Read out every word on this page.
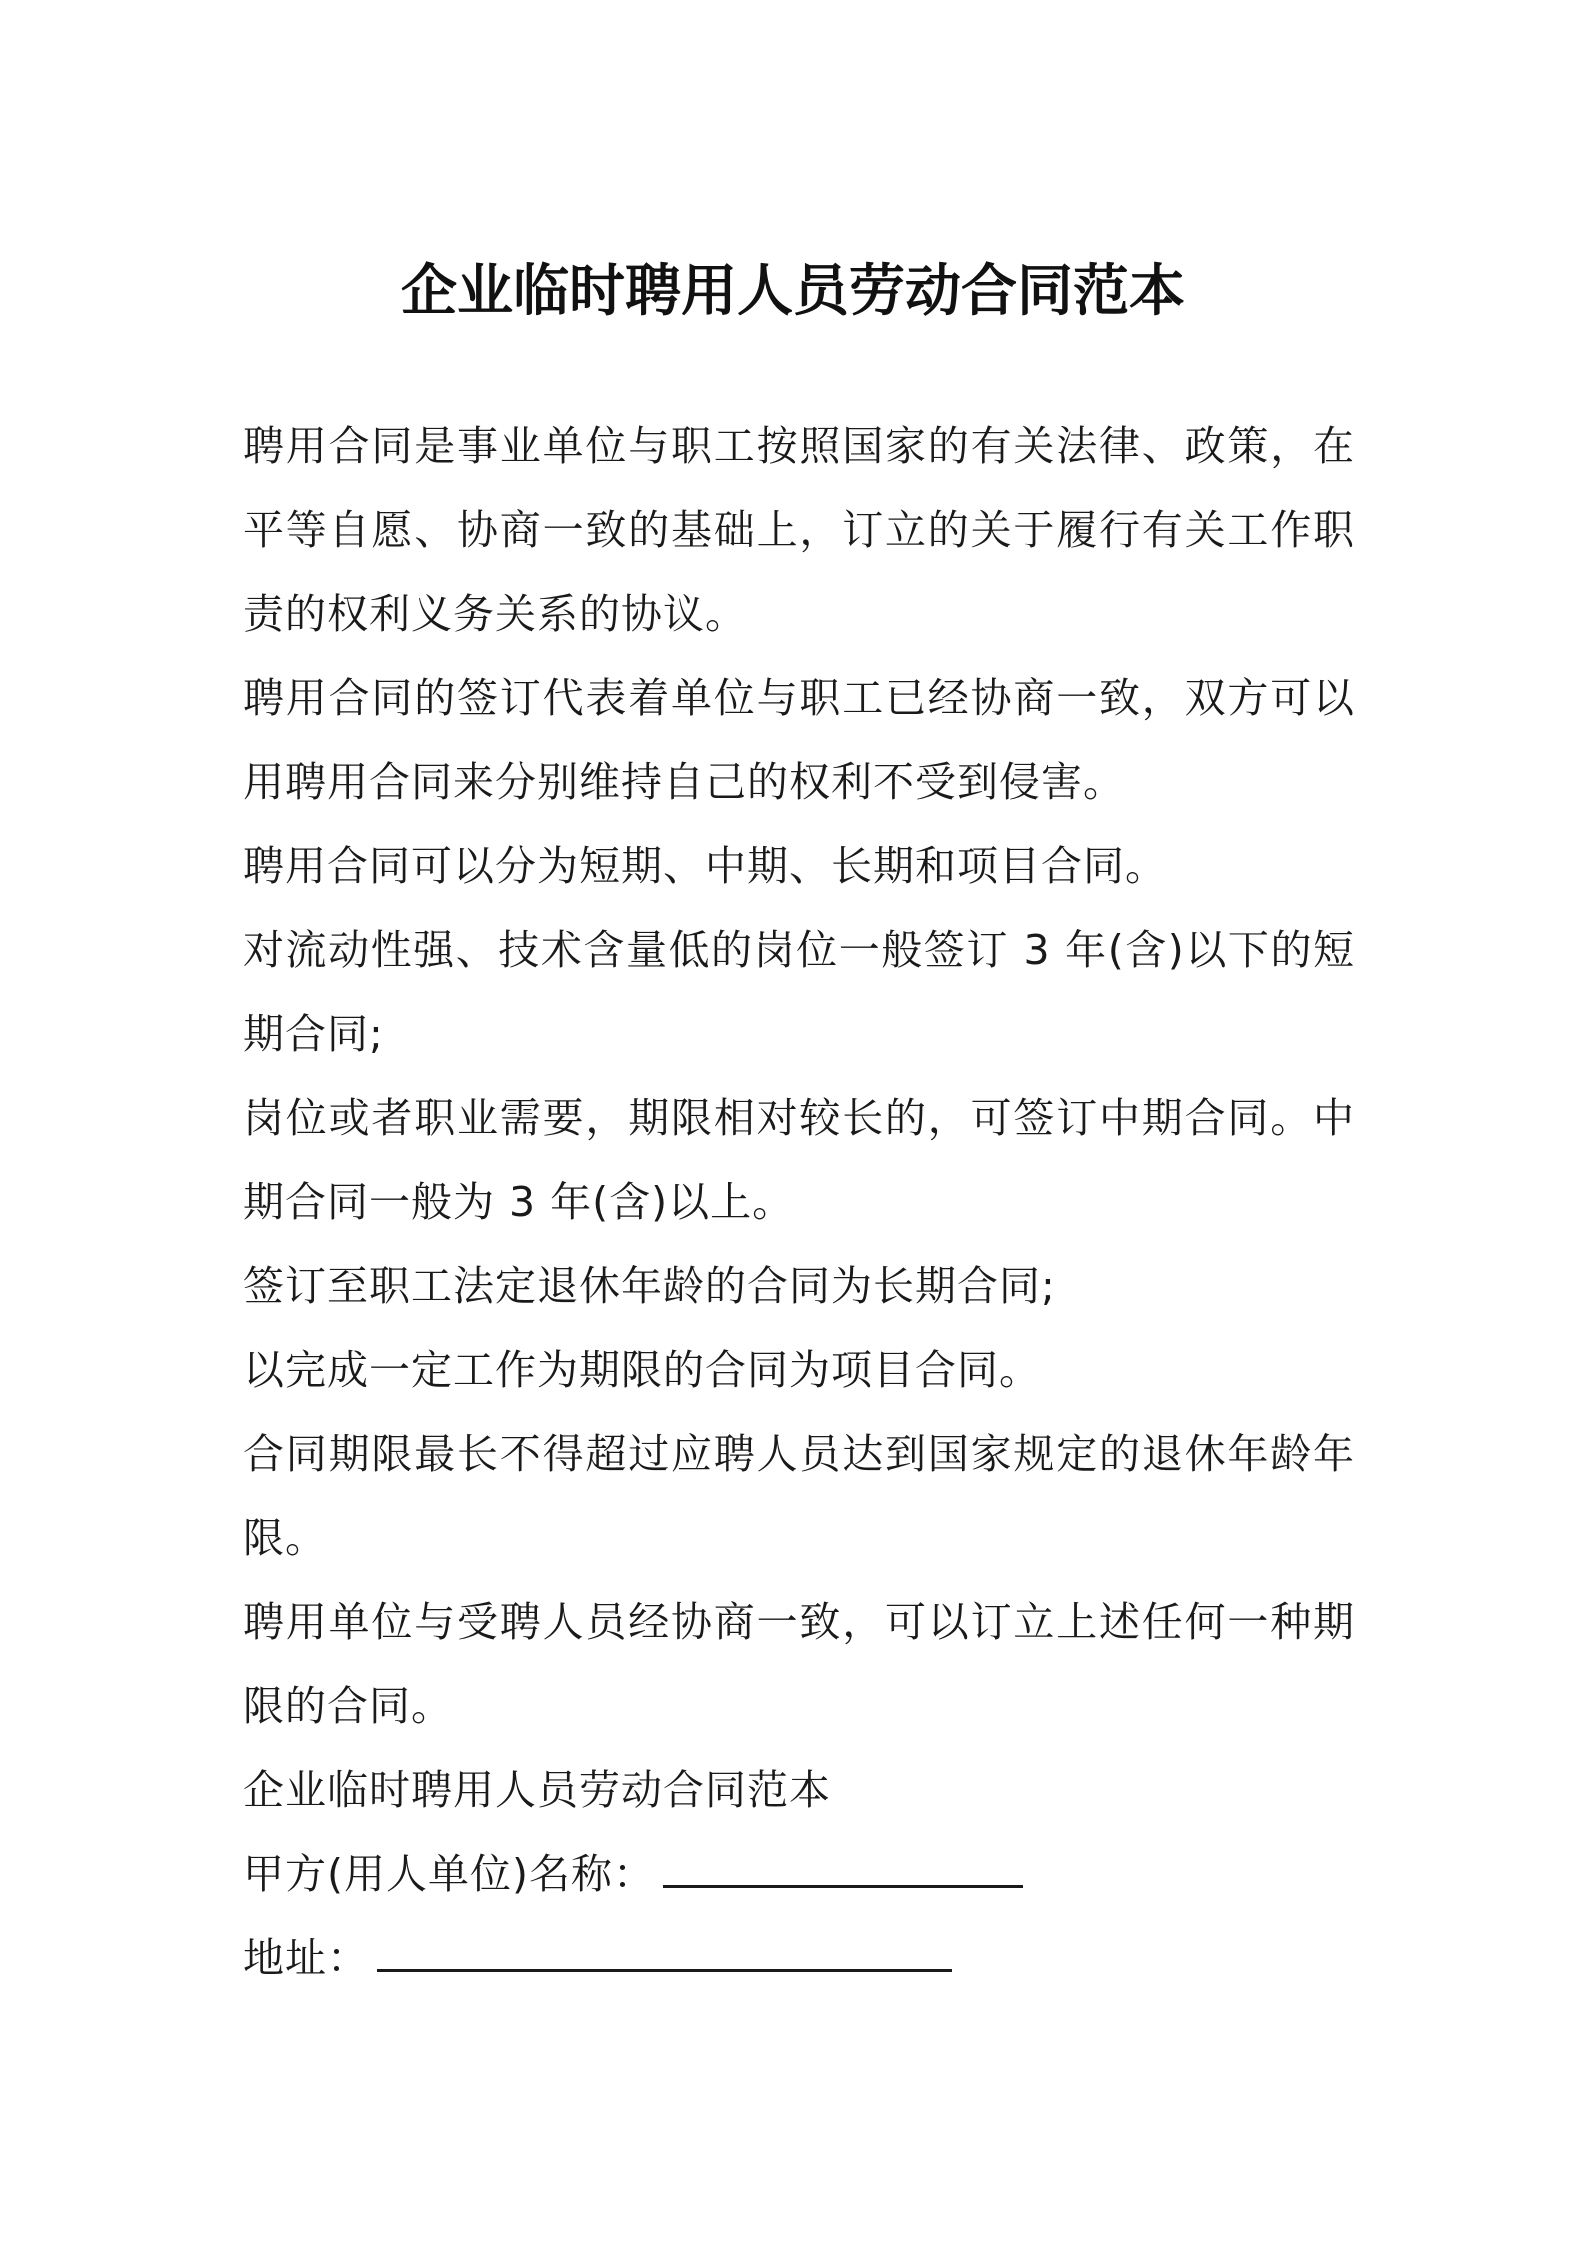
企业临时聘用人员劳动合同范本

聘用合同是事业单位与职工按照国家的有关法律、政策，在平等自愿、协商一致的基础上，订立的关于履行有关工作职责的权利义务关系的协议。

聘用合同的签订代表着单位与职工已经协商一致，双方可以用聘用合同来分别维持自己的权利不受到侵害。

聘用合同可以分为短期、中期、长期和项目合同。

对流动性强、技术含量低的岗位一般签订 3 年(含)以下的短期合同;

岗位或者职业需要，期限相对较长的，可签订中期合同。中期合同一般为 3 年(含)以上。

签订至职工法定退休年龄的合同为长期合同;

以完成一定工作为期限的合同为项目合同。

合同期限最长不得超过应聘人员达到国家规定的退休年龄年限。

聘用单位与受聘人员经协商一致，可以订立上述任何一种期限的合同。

企业临时聘用人员劳动合同范本

甲方(用人单位)名称：

地址：
